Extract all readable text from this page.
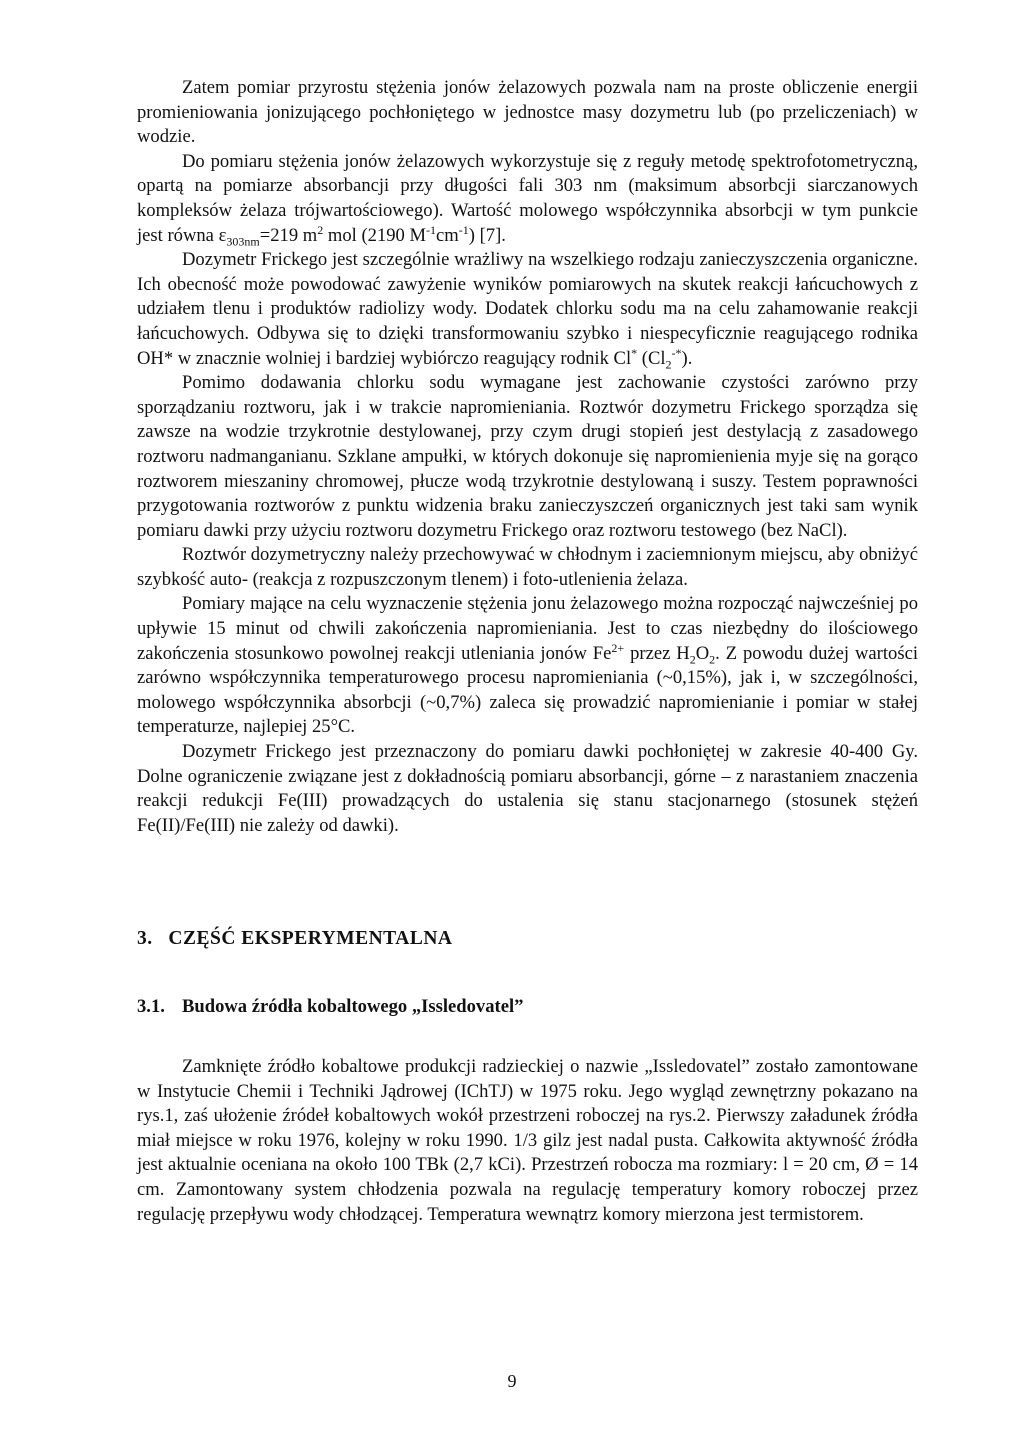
Zatem pomiar przyrostu stężenia jonów żelazowych pozwala nam na proste obliczenie energii promieniowania jonizującego pochłoniętego w jednostce masy dozymetru lub (po przeliczeniach) w wodzie.

Do pomiaru stężenia jonów żelazowych wykorzystuje się z reguły metodę spektrofotometryczną, opartą na pomiarze absorbancji przy długości fali 303 nm (maksimum absorbcji siarczanowych kompleksów żelaza trójwartościowego). Wartość molowego współczynnika absorbcji w tym punkcie jest równa $\varepsilon_{303nm}=219$ $m^2$ mol (2190 $M^{-1}cm^{-1}$) [7].

Dozymetr Frickego jest szczególnie wrażliwy na wszelkiego rodzaju zanieczyszczenia organiczne. Ich obecność może powodować zawyżenie wyników pomiarowych na skutek reakcji łańcuchowych z udziałem tlenu i produktów radiolizy wody. Dodatek chlorku sodu ma na celu zahamowanie reakcji łańcuchowych. Odbywa się to dzięki transformowaniu szybko i niespecyficznie reagującego rodnika OH* w znacznie wolniej i bardziej wybiórczo reagujący rodnik Cl* $(Cl_2^{-*})$.

Pomimo dodawania chlorku sodu wymagane jest zachowanie czystości zarówno przy sporządzaniu roztworu, jak i w trakcie napromieniania. Roztwór dozymetru Frickego sporządza się zawsze na wodzie trzykrotnie destylowanej, przy czym drugi stopień jest destylacją z zasadowego roztworu nadmanganianu. Szklane ampułki, w których dokonuje się napromienienia myje się na gorąco roztworem mieszaniny chromowej, płucze wodą trzykrotnie destylowaną i suszy. Testem poprawności przygotowania roztworów z punktu widzenia braku zanieczyszczeń organicznych jest taki sam wynik pomiaru dawki przy użyciu roztworu dozymetru Frickego oraz roztworu testowego (bez NaCl).

Roztwór dozymetryczny należy przechowywać w chłodnym i zaciemnionym miejscu, aby obniżyć szybkość auto- (reakcja z rozpuszczonym tlenem) i foto-utlenienia żelaza.

Pomiary mające na celu wyznaczenie stężenia jonu żelazowego można rozpocząć najwcześniej po upływie 15 minut od chwili zakończenia napromieniania. Jest to czas niezbędny do ilościowego zakończenia stosunkowo powolnej reakcji utleniania jonów $Fe^{2+}$ przez $H_2O_2$. Z powodu dużej wartości zarówno współczynnika temperaturowego procesu napromieniania (~0,15%), jak i, w szczególności, molowego współczynnika absorbcji (~0,7%) zaleca się prowadzić napromienianie i pomiar w stałej temperaturze, najlepiej 25°C.

Dozymetr Frickego jest przeznaczony do pomiaru dawki pochłoniętej w zakresie 40-400 Gy. Dolne ograniczenie związane jest z dokładnością pomiaru absorbancji, górne – z narastaniem znaczenia reakcji redukcji Fe(III) prowadzących do ustalenia się stanu stacjonarnego (stosunek stężeń Fe(II)/Fe(III) nie zależy od dawki).

3. CZĘŚĆ EKSPERYMENTALNA
3.1. Budowa źródła kobaltowego „Issledovatel”

Zamknięte źródło kobaltowe produkcji radzieckiej o nazwie „Issledovatel” zostało zamontowane w Instytucie Chemii i Techniki Jądrowej (IChTJ) w 1975 roku. Jego wygląd zewnętrzny pokazano na rys.1, zaś ułożenie źródeł kobaltowych wokół przestrzeni roboczej na rys.2. Pierwszy załadunek źródła miał miejsce w roku 1976, kolejny w roku 1990. 1/3 gilz jest nadal pusta. Całkowita aktywność źródła jest aktualnie oceniana na około 100 TBk (2,7 kCi). Przestrzeń robocza ma rozmiary: l = 20 cm, Ø = 14 cm. Zamontowany system chłodzenia pozwala na regulację temperatury komory roboczej przez regulację przepływu wody chłodzącej. Temperatura wewnątrz komory mierzona jest termistorem.

9
